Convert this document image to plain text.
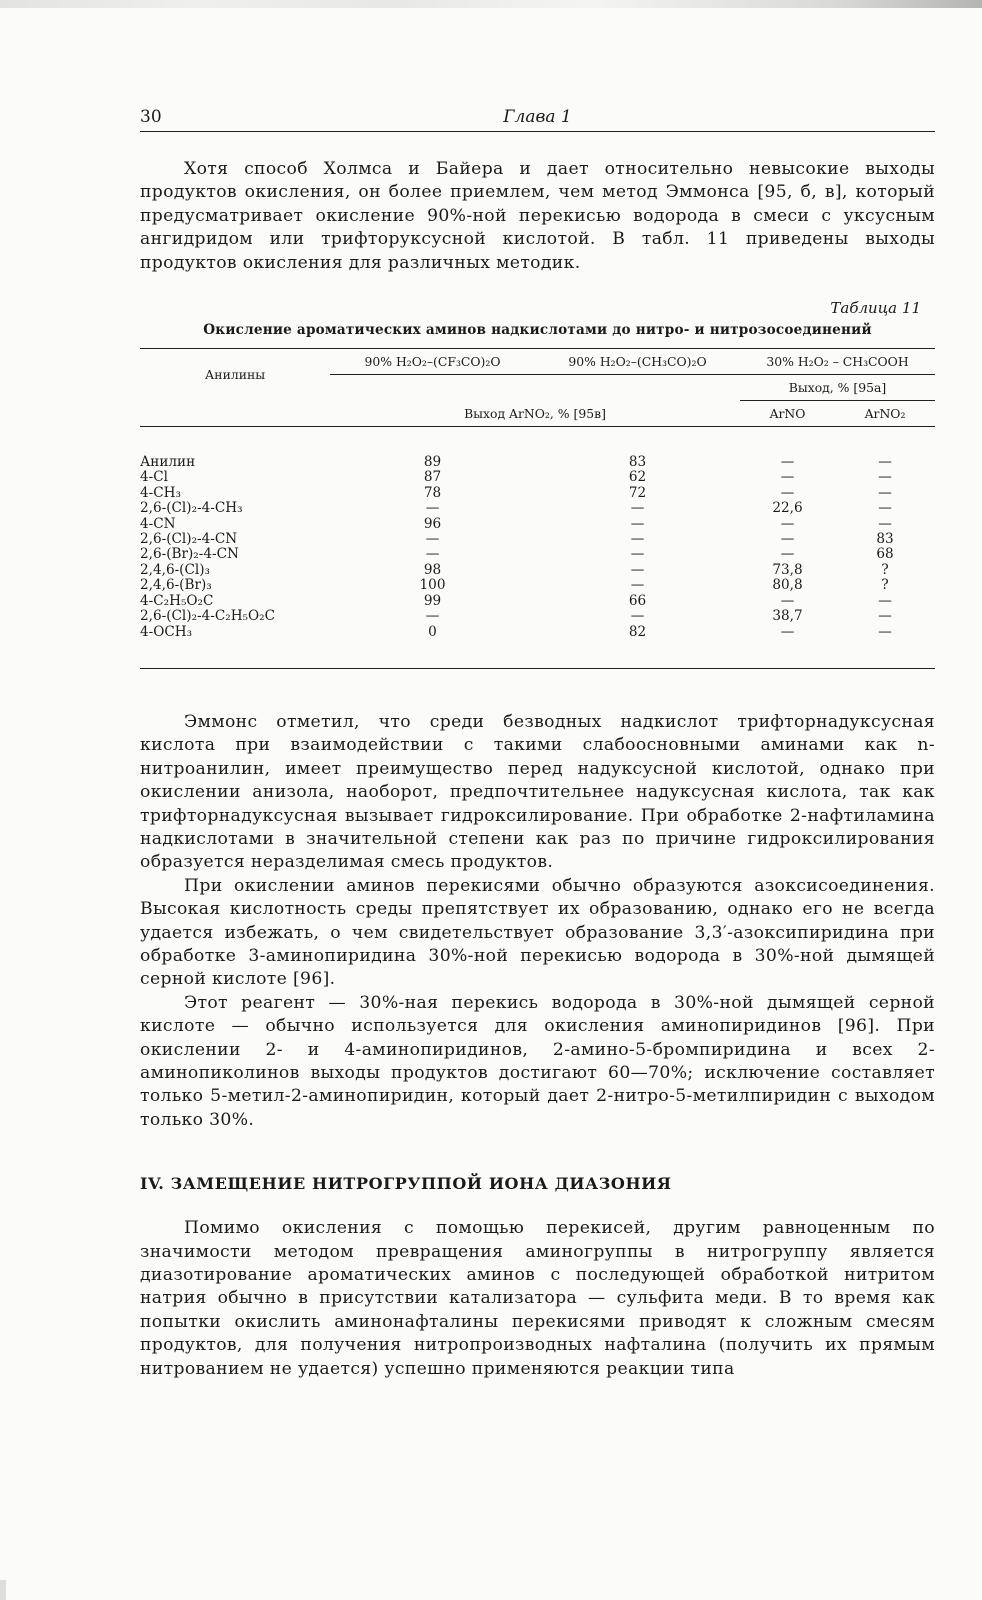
30	Глава 1

Хотя способ Холмса и Байера и дает относительно невысокие выходы продуктов окисления, он более приемлем, чем метод Эммонса [95, б, в], который предусматривает окисление 90%-ной перекисью водорода в смеси с уксусным ангидридом или трифторуксусной кислотой. В табл. 11 приведены выходы продуктов окисления для различных методик.

Таблица 11
Окисление ароматических аминов надкислотами до нитро- и нитрозосоединений
Анилины	90% H₂O₂–(CF₃CO)₂O	90% H₂O₂–(CH₃CO)₂O	30% H₂O₂ – CH₃COOH	
			Выход, % [95а]	
	Выход ArNO₂, % [95в]		ArNO	ArNO₂
Анилин	89	83	—	—
4-Cl	87	62	—	—
4-CH₃	78	72	—	—
2,6-(Cl)₂-4-CH₃	—	—	22,6	—
4-CN	96	—	—	—
2,6-(Cl)₂-4-CN	—	—	—	83
2,6-(Br)₂-4-CN	—	—	—	68
2,4,6-(Cl)₃	98	—	73,8	?
2,4,6-(Br)₃	100	—	80,8	?
4-C₂H₅O₂C	99	66	—	—
2,6-(Cl)₂-4-C₂H₅O₂C	—	—	38,7	—
4-OCH₃	0	82	—	—

Эммонс отметил, что среди безводных надкислот трифторнадуксусная кислота при взаимодействии с такими слабоосновными аминами как n-нитроанилин, имеет преимущество перед надуксусной кислотой, однако при окислении анизола, наоборот, предпочтительнее надуксусная кислота, так как трифторнадуксусная вызывает гидроксилирование. При обработке 2-нафтиламина надкислотами в значительной степени как раз по причине гидроксилирования образуется неразделимая смесь продуктов.

При окислении аминов перекисями обычно образуются азоксисоединения. Высокая кислотность среды препятствует их образованию, однако его не всегда удается избежать, о чем свидетельствует образование 3,3′-азоксипиридина при обработке 3-аминопиридина 30%-ной перекисью водорода в 30%-ной дымящей серной кислоте [96].

Этот реагент — 30%-ная перекись водорода в 30%-ной дымящей серной кислоте — обычно используется для окисления аминопиридинов [96]. При окислении 2- и 4-аминопиридинов, 2-амино-5-бромпиридина и всех 2-аминопиколинов выходы продуктов достигают 60—70%; исключение составляет только 5-метил-2-аминопиридин, который дает 2-нитро-5-метилпиридин с выходом только 30%.

IV. ЗАМЕЩЕНИЕ НИТРОГРУППОЙ ИОНА ДИАЗОНИЯ

Помимо окисления с помощью перекисей, другим равноценным по значимости методом превращения аминогруппы в нитрогруппу является диазотирование ароматических аминов с последующей обработкой нитритом натрия обычно в присутствии катализатора — сульфита меди. В то время как попытки окислить аминонафталины перекисями приводят к сложным смесям продуктов, для получения нитропроизводных нафталина (получить их прямым нитрованием не удается) успешно применяются реакции типа
